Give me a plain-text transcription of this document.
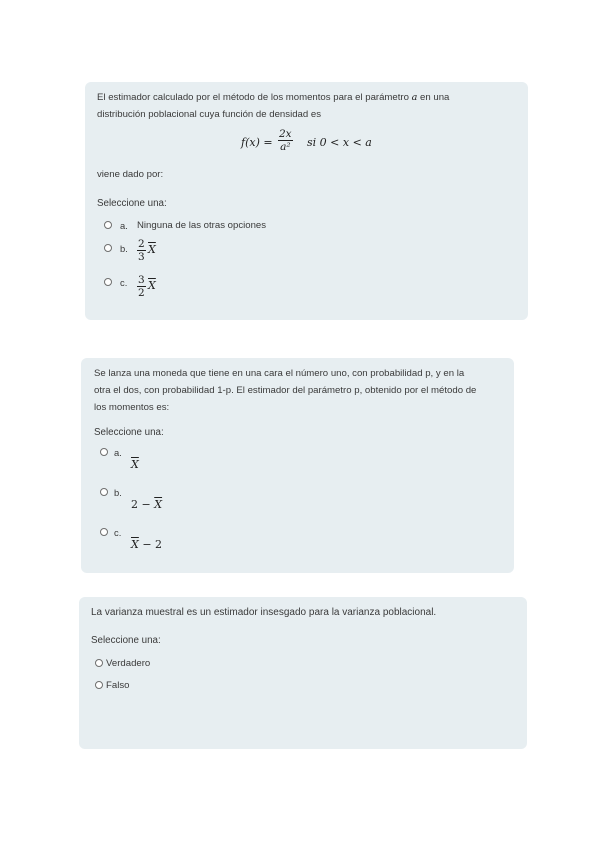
El estimador calculado por el método de los momentos para el parámetro a en una
distribución poblacional cuya función de densidad es
$f(x) = \frac{2x}{\text{a²}}$ si 0 < x < a
viene dado por:
Seleccione una:
a. Ninguna de las otras opciones
b. $\frac{2}{3} \overline{X}$
c. $\frac{3}{2} \overline{X}$
Se lanza una moneda que tiene en una cara el número uno, con probabilidad p, y en la
otra el dos, con probabilidad 1-p. El estimador del parámetro p, obtenido por el método de
los momentos es:
Seleccione una:
a.
$\overline{X}$
b.
$2 - \overline{X}$
c.
$\overline{X} - 2$
La varianza muestral es un estimador insesgado para la varianza poblacional.
Seleccione una:
Verdadero
Falso
